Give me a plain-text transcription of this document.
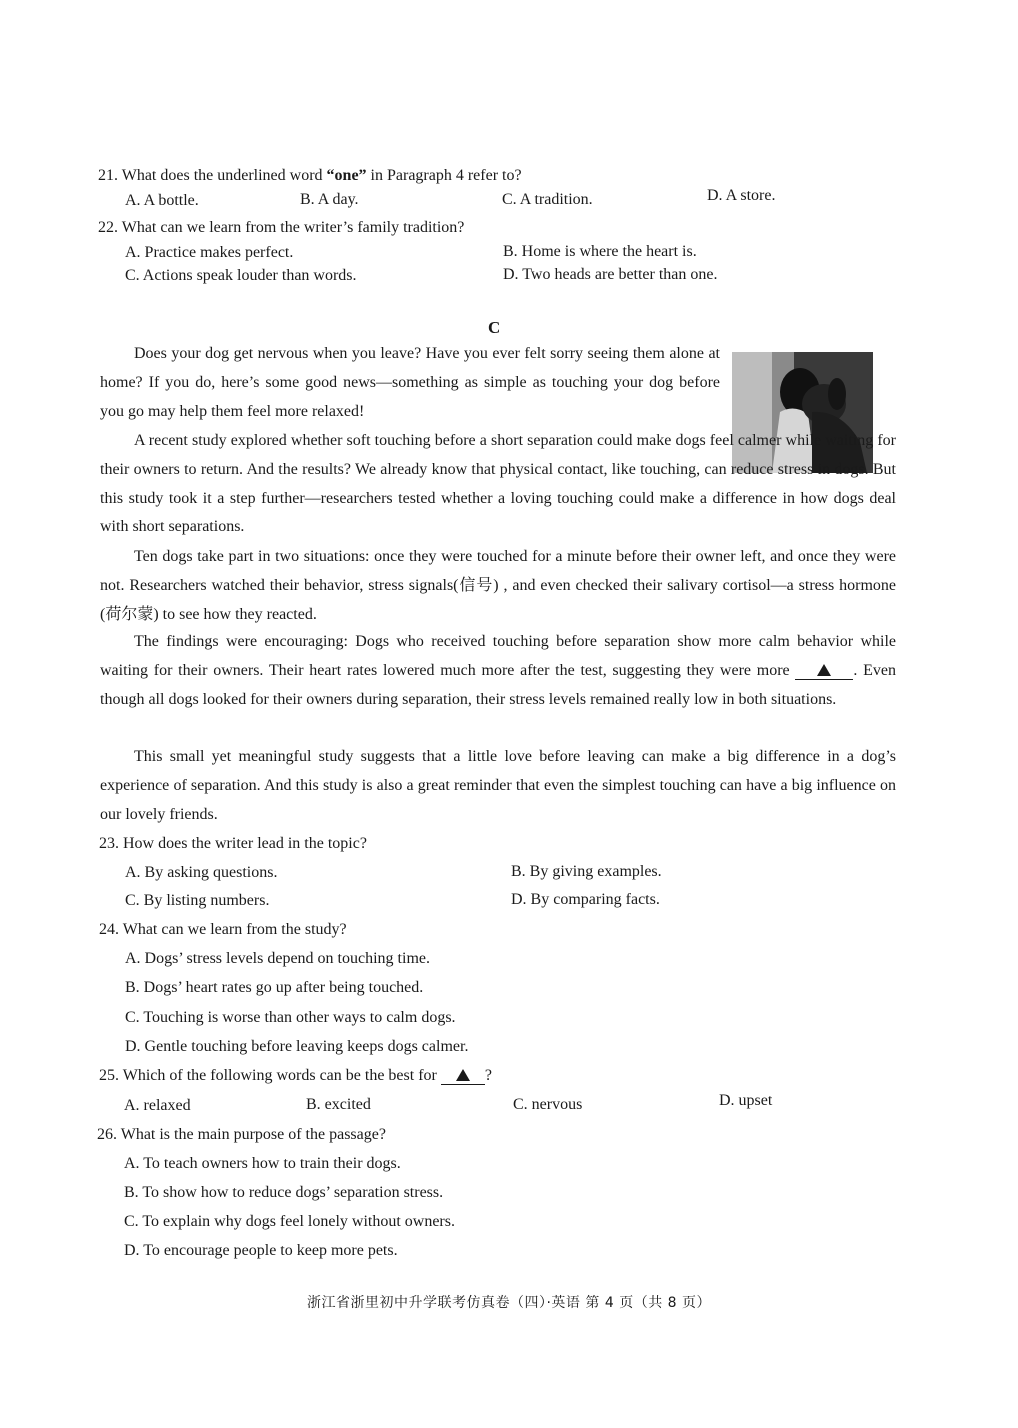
21. What does the underlined word “one” in Paragraph 4 refer to?
A. A bottle.	B. A day.	C. A tradition.	D. A store.
22. What can we learn from the writer’s family tradition?
A. Practice makes perfect.	B. Home is where the heart is.
C. Actions speak louder than words.	D. Two heads are better than one.
C

Does your dog get nervous when you leave? Have you ever felt sorry seeing them alone at home? If you do, here’s some good news—something as simple as touching your dog before you go may help them feel more relaxed!

A recent study explored whether soft touching before a short separation could make dogs feel calmer while waiting for their owners to return. And the results? We already know that physical contact, like touching, can reduce stress in dogs. But this study took it a step further—researchers tested whether a loving touching could make a difference in how dogs deal with short separations.

Ten dogs take part in two situations: once they were touched for a minute before their owner left, and once they were not. Researchers watched their behavior, stress signals(信号) , and even checked their salivary cortisol—a stress hormone (荷尔蒙) to see how they reacted.

The findings were encouraging: Dogs who received touching before separation show more calm behavior while waiting for their owners. Their heart rates lowered much more after the test, suggesting they were more	. Even though all dogs looked for their owners during separation, their stress levels remained really low in both situations.

This small yet meaningful study suggests that a little love before leaving can make a big difference in a dog’s experience of separation. And this study is also a great reminder that even the simplest touching can have a big influence on our lovely friends.

23. How does the writer lead in the topic?
A. By asking questions.	B. By giving examples.
C. By listing numbers.	D. By comparing facts.
24. What can we learn from the study?
A. Dogs’ stress levels depend on touching time.
B. Dogs’ heart rates go up after being touched.
C. Touching is worse than other ways to calm dogs.
D. Gentle touching before leaving keeps dogs calmer.
25. Which of the following words can be the best for	?
A. relaxed	B. excited	C. nervous	D. upset
26. What is the main purpose of the passage?
A. To teach owners how to train their dogs.
B. To show how to reduce dogs’ separation stress.
C. To explain why dogs feel lonely without owners.
D. To encourage people to keep more pets.
浙江省浙里初中升学联考仿真卷（四）·英语 第 4 页（共 8 页）
